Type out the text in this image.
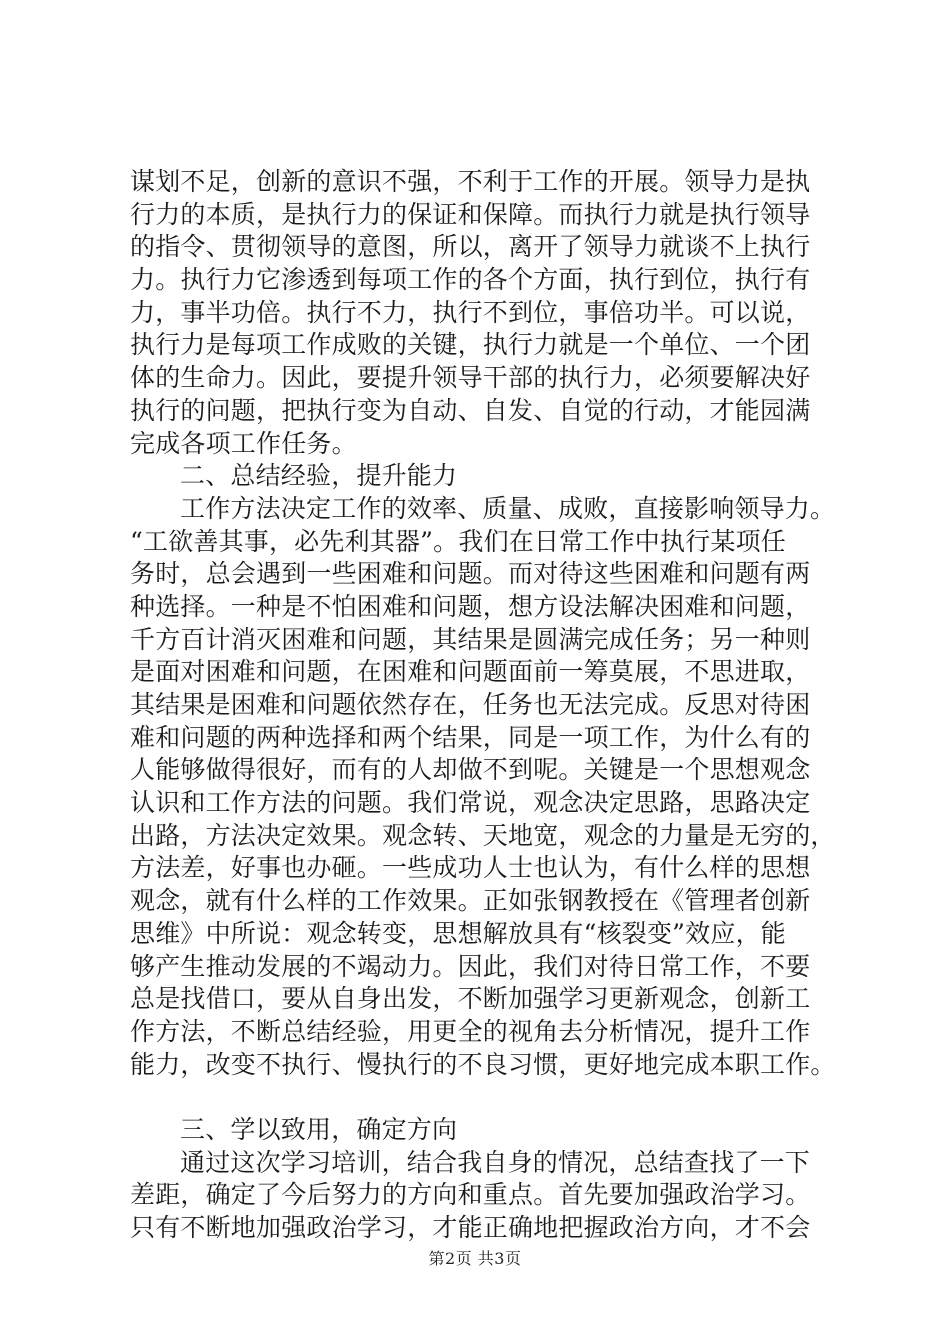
谋划不足，创新的意识不强，不利于工作的开展。领导力是执
行力的本质，是执行力的保证和保障。而执行力就是执行领导
的指令、贯彻领导的意图，所以，离开了领导力就谈不上执行
力。执行力它渗透到每项工作的各个方面，执行到位，执行有
力，事半功倍。执行不力，执行不到位，事倍功半。可以说，
执行力是每项工作成败的关键，执行力就是一个单位、一个团
体的生命力。因此，要提升领导干部的执行力，必须要解决好
执行的问题，把执行变为自动、自发、自觉的行动，才能园满
完成各项工作任务。
二、总结经验，提升能力
工作方法决定工作的效率、质量、成败，直接影响领导力。
“工欲善其事，必先利其器”。我们在日常工作中执行某项任
务时，总会遇到一些困难和问题。而对待这些困难和问题有两
种选择。一种是不怕困难和问题，想方设法解决困难和问题，
千方百计消灭困难和问题，其结果是圆满完成任务；另一种则
是面对困难和问题，在困难和问题面前一筹莫展，不思进取，
其结果是困难和问题依然存在，任务也无法完成。反思对待困
难和问题的两种选择和两个结果，同是一项工作，为什么有的
人能够做得很好，而有的人却做不到呢。关键是一个思想观念
认识和工作方法的问题。我们常说，观念决定思路，思路决定
出路，方法决定效果。观念转、天地宽，观念的力量是无穷的，
方法差，好事也办砸。一些成功人士也认为，有什么样的思想
观念，就有什么样的工作效果。正如张钢教授在《管理者创新
思维》中所说：观念转变，思想解放具有“核裂变”效应，能
够产生推动发展的不竭动力。因此，我们对待日常工作，不要
总是找借口，要从自身出发，不断加强学习更新观念，创新工
作方法，不断总结经验，用更全的视角去分析情况，提升工作
能力，改变不执行、慢执行的不良习惯，更好地完成本职工作。
三、学以致用，确定方向
通过这次学习培训，结合我自身的情况，总结查找了一下
差距，确定了今后努力的方向和重点。首先要加强政治学习。
只有不断地加强政治学习，才能正确地把握政治方向，才不会
第2页 共3页
